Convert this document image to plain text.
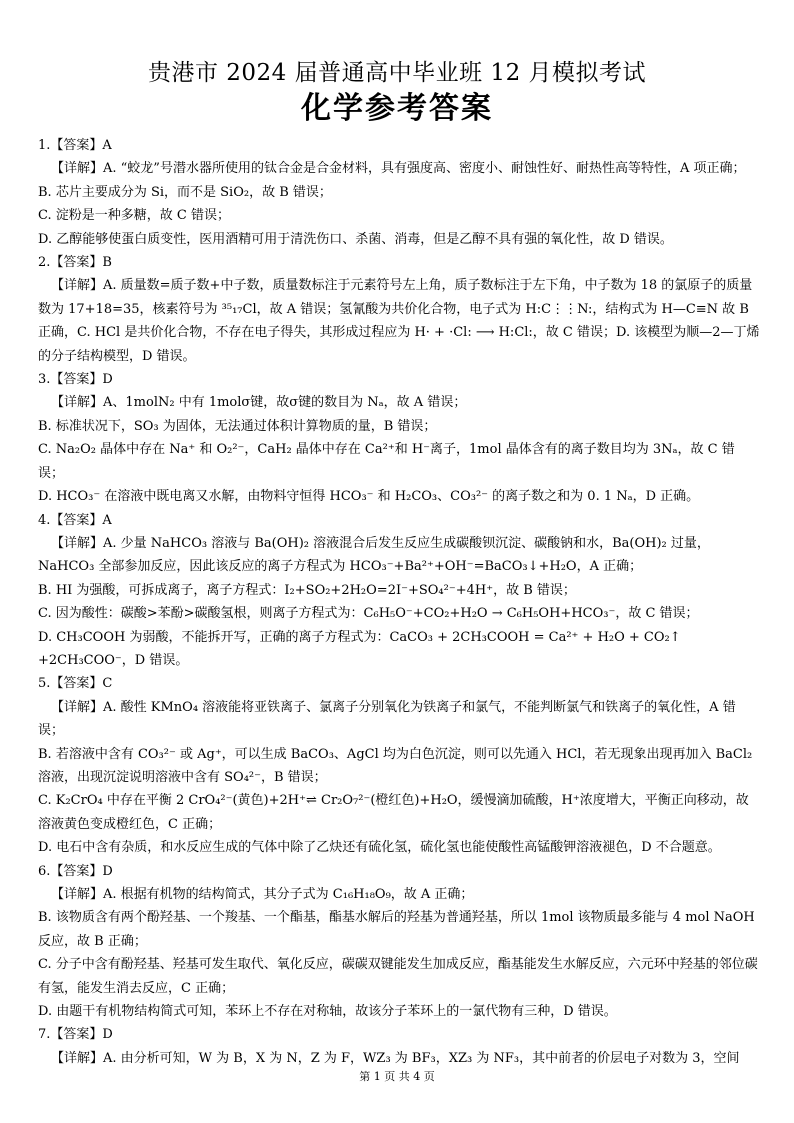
贵港市 2024 届普通高中毕业班 12 月模拟考试
化学参考答案

1.【答案】A

【详解】A. “蛟龙”号潜水器所使用的钛合金是合金材料，具有强度高、密度小、耐蚀性好、耐热性高等特性，A 项正确；

B. 芯片主要成分为 Si，而不是 SiO₂，故 B 错误；

C. 淀粉是一种多糖，故 C 错误；

D. 乙醇能够使蛋白质变性，医用酒精可用于清洗伤口、杀菌、消毒，但是乙醇不具有强的氧化性，故 D 错误。

2.【答案】B

【详解】A. 质量数=质子数+中子数，质量数标注于元素符号左上角，质子数标注于左下角，中子数为 18 的氯原子的质量数为 17+18=35，核素符号为 ³⁵₁₇Cl，故 A 错误；氢氰酸为共价化合物，电子式为 H:C⋮⋮N:，结构式为 H—C≡N 故 B 正确，C. HCl 是共价化合物，不存在电子得失，其形成过程应为 H· + ·Cl: ⟶ H:Cl:，故 C 错误；D. 该模型为顺—2—丁烯的分子结构模型，D 错误。

3.【答案】D

【详解】A、1molN₂ 中有 1molσ键，故σ键的数目为 Nₐ，故 A 错误；

B. 标准状况下，SO₃ 为固体，无法通过体积计算物质的量，B 错误；

C. Na₂O₂ 晶体中存在 Na⁺ 和 O₂²⁻，CaH₂ 晶体中存在 Ca²⁺和 H⁻离子，1mol 晶体含有的离子数目均为 3Nₐ，故 C 错误；

D. HCO₃⁻ 在溶液中既电离又水解，由物料守恒得 HCO₃⁻ 和 H₂CO₃、CO₃²⁻ 的离子数之和为 0. 1 Nₐ，D 正确。

4.【答案】A

【详解】A. 少量 NaHCO₃ 溶液与 Ba(OH)₂ 溶液混合后发生反应生成碳酸钡沉淀、碳酸钠和水，Ba(OH)₂ 过量，NaHCO₃ 全部参加反应，因此该反应的离子方程式为 HCO₃⁻+Ba²⁺+OH⁻=BaCO₃↓+H₂O，A 正确；

B. HI 为强酸，可拆成离子，离子方程式：I₂+SO₂+2H₂O=2I⁻+SO₄²⁻+4H⁺，故 B 错误；

C. 因为酸性：碳酸>苯酚>碳酸氢根，则离子方程式为：C₆H₅O⁻+CO₂+H₂O → C₆H₅OH+HCO₃⁻，故 C 错误；

D. CH₃COOH 为弱酸，不能拆开写，正确的离子方程式为：CaCO₃ + 2CH₃COOH = Ca²⁺ + H₂O + CO₂↑ +2CH₃COO⁻，D 错误。

5.【答案】C

【详解】A. 酸性 KMnO₄ 溶液能将亚铁离子、氯离子分别氧化为铁离子和氯气，不能判断氯气和铁离子的氧化性，A 错误；

B. 若溶液中含有 CO₃²⁻ 或 Ag⁺，可以生成 BaCO₃、AgCl 均为白色沉淀，则可以先通入 HCl，若无现象出现再加入 BaCl₂ 溶液，出现沉淀说明溶液中含有 SO₄²⁻，B 错误；

C. K₂CrO₄ 中存在平衡 2 CrO₄²⁻(黄色)+2H⁺⇌ Cr₂O₇²⁻(橙红色)+H₂O，缓慢滴加硫酸，H⁺浓度增大，平衡正向移动，故溶液黄色变成橙红色，C 正确；

D. 电石中含有杂质，和水反应生成的气体中除了乙炔还有硫化氢，硫化氢也能使酸性高锰酸钾溶液褪色，D 不合题意。

6.【答案】D

【详解】A. 根据有机物的结构简式，其分子式为 C₁₆H₁₈O₉，故 A 正确；

B. 该物质含有两个酚羟基、一个羧基、一个酯基，酯基水解后的羟基为普通羟基，所以 1mol 该物质最多能与 4 mol NaOH 反应，故 B 正确；

C. 分子中含有酚羟基、羟基可发生取代、氧化反应，碳碳双键能发生加成反应，酯基能发生水解反应，六元环中羟基的邻位碳有氢，能发生消去反应，C 正确；

D. 由题干有机物结构简式可知，苯环上不存在对称轴，故该分子苯环上的一氯代物有三种，D 错误。

7.【答案】D

【详解】A. 由分析可知，W 为 B，X 为 N，Z 为 F，WZ₃ 为 BF₃，XZ₃ 为 NF₃，其中前者的价层电子对数为 3，空间

第 1 页 共 4 页
